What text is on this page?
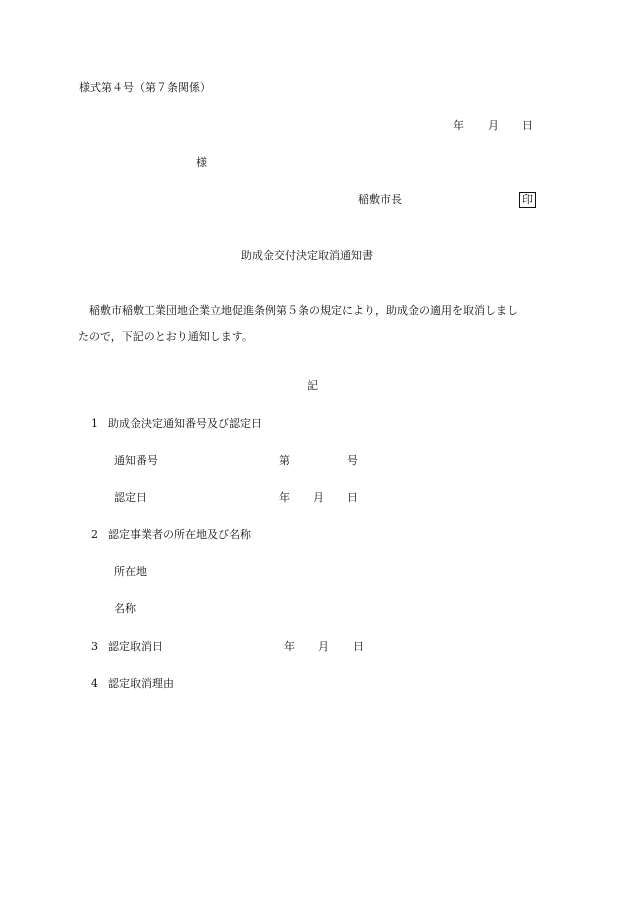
様式第４号（第７条関係）
年 月 日
様
稲敷市長	印
助成金交付決定取消通知書
稲敷市稲敷工業団地企業立地促進条例第５条の規定により，助成金の適用を取消しまし
たので，下記のとおり通知します。
記
1 助成金決定通知番号及び認定日
通知番号	第	号
認定日	年 月 日
2 認定事業者の所在地及び名称
所在地
名称
3 認定取消日	年 月 日
4 認定取消理由
